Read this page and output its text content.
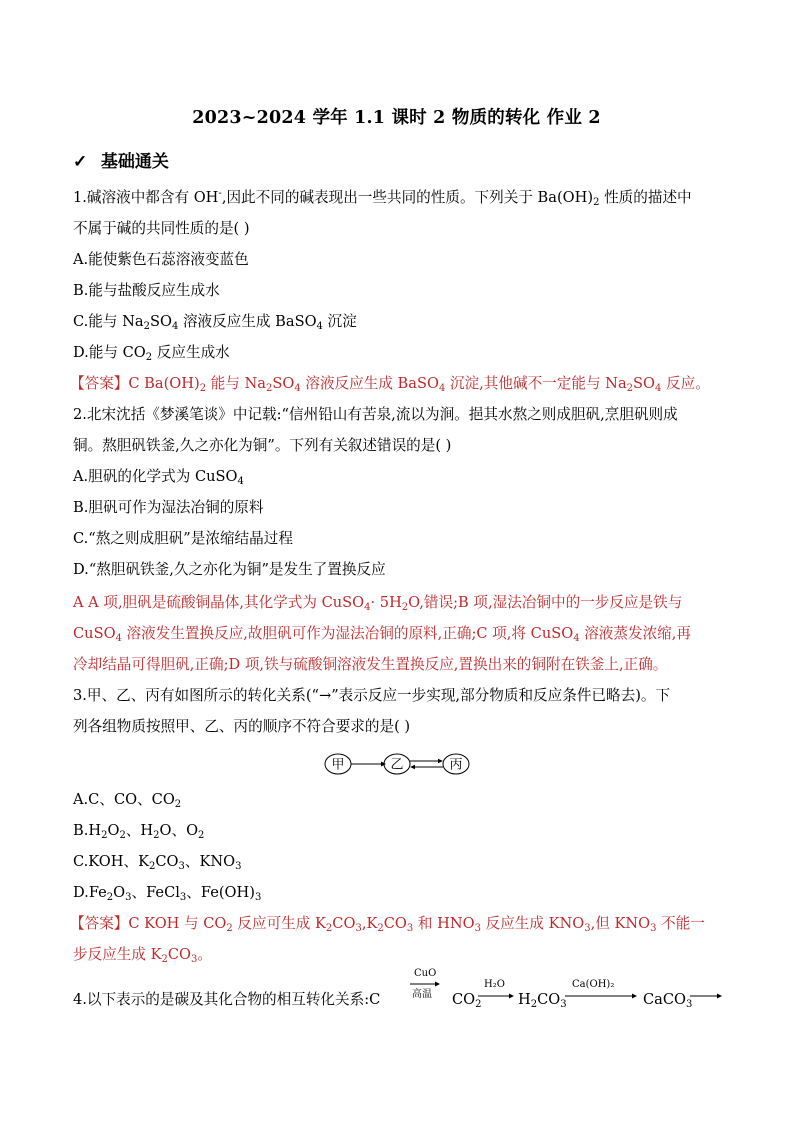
2023~2024 学年 1.1 课时 2 物质的转化 作业 2
✓ 基础通关
1.碱溶液中都含有 OH-,因此不同的碱表现出一些共同的性质。下列关于 $Ba(OH)_2$ 性质的描述中
不属于碱的共同性质的是( )
A.能使紫色石蕊溶液变蓝色
B.能与盐酸反应生成水
C.能与 $Na_2SO_4$ 溶液反应生成 BaSO$_4$ 沉淀
D.能与 $CO_2$ 反应生成水
【答案】C $Ba(OH)_2$ 能与 $Na_2SO_4$ 溶液反应生成 BaSO$_4$ 沉淀,其他碱不一定能与 $Na_2SO_4$ 反应。
2.北宋沈括《梦溪笔谈》中记载:“信州铅山有苦泉,流以为涧。挹其水熬之则成胆矾,烹胆矾则成
铜。熬胆矾铁釜,久之亦化为铜”。下列有关叙述错误的是( )
A.胆矾的化学式为 CuSO$_4$
B.胆矾可作为湿法冶铜的原料
C.“熬之则成胆矾”是浓缩结晶过程
D.“熬胆矾铁釜,久之亦化为铜”是发生了置换反应
A A 项,胆矾是硫酸铜晶体,其化学式为 CuSO$_4$· $5H_2O$,错误;B 项,湿法冶铜中的一步反应是铁与
CuSO$_4$ 溶液发生置换反应,故胆矾可作为湿法冶铜的原料,正确;C 项,将 CuSO$_4$ 溶液蒸发浓缩,再
冷却结晶可得胆矾,正确;D 项,铁与硫酸铜溶液发生置换反应,置换出来的铜附在铁釜上,正确。
3.甲、乙、丙有如图所示的转化关系(“→”表示反应一步实现,部分物质和反应条件已略去)。下
列各组物质按照甲、乙、丙的顺序不符合要求的是( )
甲	乙	丙
A.C、CO、$CO_2$
$B.H_2O_2$、$H_2O$、$O_2$
C.KOH、$K_2CO_3$、$KNO_3$
$D.Fe_2O_3$、FeCl$_3$、$Fe(OH)_3$
【答案】C KOH 与 $CO_2$ 反应可生成 $K_2CO_3,K_2CO_3$ 和 $HNO_3$ 反应生成 $KNO_3$,但 $KNO_3$ 不能一
步反应生成 $K_2CO_3$。
4.以下表示的是碳及其化合物的相互转化关系:C
CuO
高温 $CO_2$
H₂O
$H_2CO_3$
Ca(OH)₂
CaCO$_3$
